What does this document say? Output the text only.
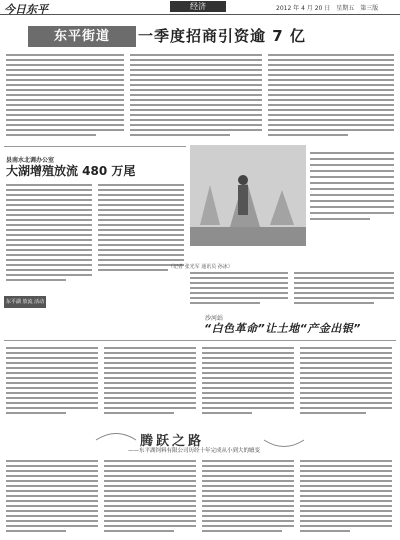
今日东平	经济	2012 年 4 月 20 日　星期五　第三版
东平街道	一季度招商引资逾 7 亿
县南水北调办公室
大湖增殖放流 480 万尾
东平湖 放流 活动
（记者 张光军 通讯员 孙冰）
沙河站
“白色革命”让土地“产金出银”
腾跃之路
——东平湖饲料有限公司历经十年完成从小到大的嬗变
